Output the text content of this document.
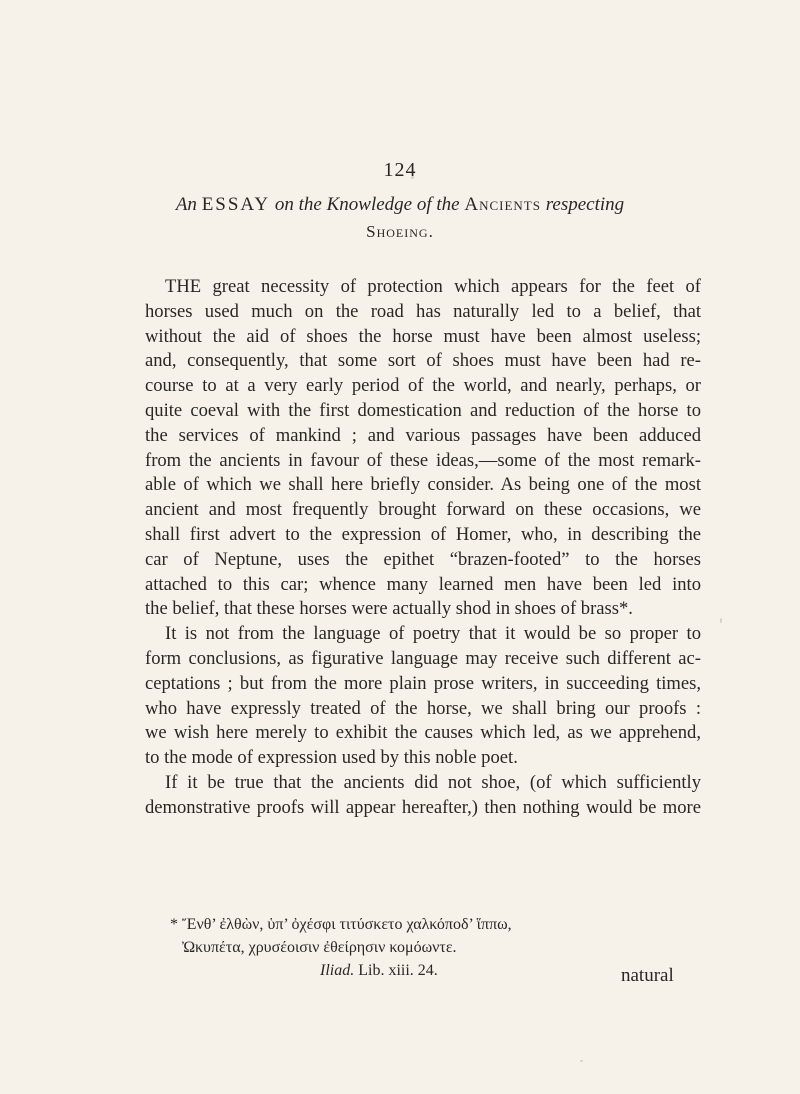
124
An ESSAY on the Knowledge of the Ancients respecting
Shoeing.

THE great necessity of protection which appears for the feet of

horses used much on the road has naturally led to a belief, that

without the aid of shoes the horse must have been almost useless;

and, consequently, that some sort of shoes must have been had re-

course to at a very early period of the world, and nearly, perhaps, or

quite coeval with the first domestication and reduction of the horse to

the services of mankind ; and various passages have been adduced

from the ancients in favour of these ideas,—some of the most remark-

able of which we shall here briefly consider. As being one of the most

ancient and most frequently brought forward on these occasions, we

shall first advert to the expression of Homer, who, in describing the

car of Neptune, uses the epithet “brazen-footed” to the horses

attached to this car; whence many learned men have been led into

the belief, that these horses were actually shod in shoes of brass*.

It is not from the language of poetry that it would be so proper to

form conclusions, as figurative language may receive such different ac-

ceptations ; but from the more plain prose writers, in succeeding times,

who have expressly treated of the horse, we shall bring our proofs :

we wish here merely to exhibit the causes which led, as we apprehend,

to the mode of expression used by this noble poet.

If it be true that the ancients did not shoe, (of which sufficiently

demonstrative proofs will appear hereafter,) then nothing would be more

* Ἔνθ’ ἐλθὼν, ὑπ’ ὀχέσφι τιτύσκετο χαλκόποδ’ ἵππω,
Ὠκυπέτα, χρυσέοισιν ἐθείρησιν κομόωντε.
Iliad. Lib. xiii. 24.	natural
